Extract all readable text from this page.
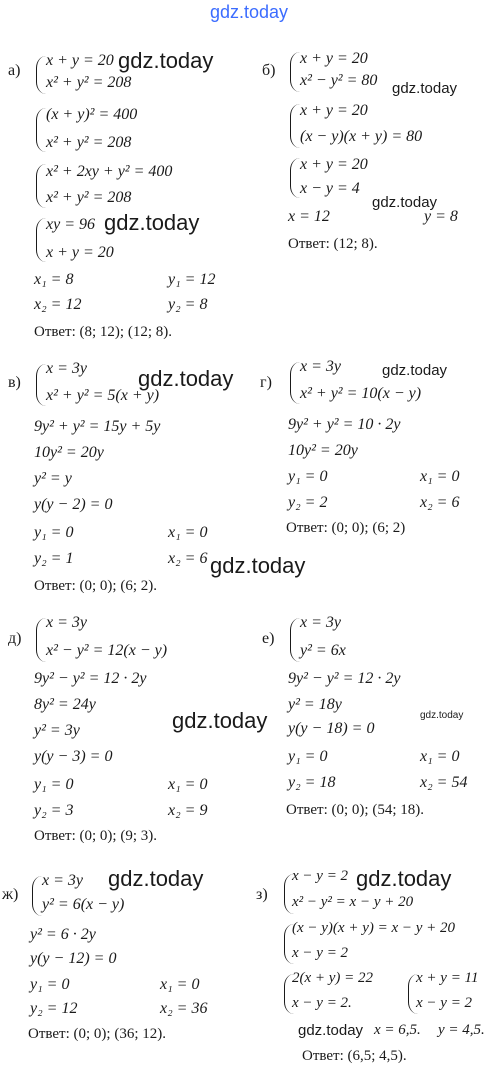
gdz.today
gdz.today
gdz.today
gdz.today
gdz.today
gdz.today	gdz.today
gdz.today
gdz.today	gdz.today
gdz.today	gdz.today
gdz.today
а)
x + y = 20
x² + y² = 208
(x + y)² = 400
x² + y² = 208
x² + 2xy + y² = 400
x² + y² = 208
xy = 96
x + y = 20
x₁ = 8	y₁ = 12
x₂ = 12	y₂ = 8
Ответ: (8; 12); (12; 8).
б)
x + y = 20
x² − y² = 80
x + y = 20
(x − y)(x + y) = 80
x + y = 20
x − y = 4
x = 12	y = 8
Ответ: (12; 8).
в)
x = 3y
x² + y² = 5(x + y)
9y² + y² = 15y + 5y
10y² = 20y
y² = y
y(y − 2) = 0
y₁ = 0	x₁ = 0
y₂ = 1	x₂ = 6
Ответ: (0; 0); (6; 2).
г)
x = 3y
x² + y² = 10(x − y)
9y² + y² = 10 · 2y
10y² = 20y
y₁ = 0	x₁ = 0
y₂ = 2	x₂ = 6
Ответ: (0; 0); (6; 2)
д)
x = 3y
x² − y² = 12(x − y)
9y² − y² = 12 · 2y
8y² = 24y
y² = 3y
y(y − 3) = 0
y₁ = 0	x₁ = 0
y₂ = 3	x₂ = 9
Ответ: (0; 0); (9; 3).
е)
x = 3y
y² = 6x
9y² − y² = 12 · 2y
y² = 18y
y(y − 18) = 0
y₁ = 0	x₁ = 0
y₂ = 18	x₂ = 54
Ответ: (0; 0); (54; 18).
ж)
x = 3y
y² = 6(x − y)
y² = 6 · 2y
y(y − 12) = 0
y₁ = 0	x₁ = 0
y₂ = 12	x₂ = 36
Ответ: (0; 0); (36; 12).
з)
x − y = 2
x² − y² = x − y + 20
(x − y)(x + y) = x − y + 20
x − y = 2
2(x + y) = 22
x − y = 2.
x + y = 11
x − y = 2
x = 6,5. y = 4,5.
Ответ: (6,5; 4,5).
